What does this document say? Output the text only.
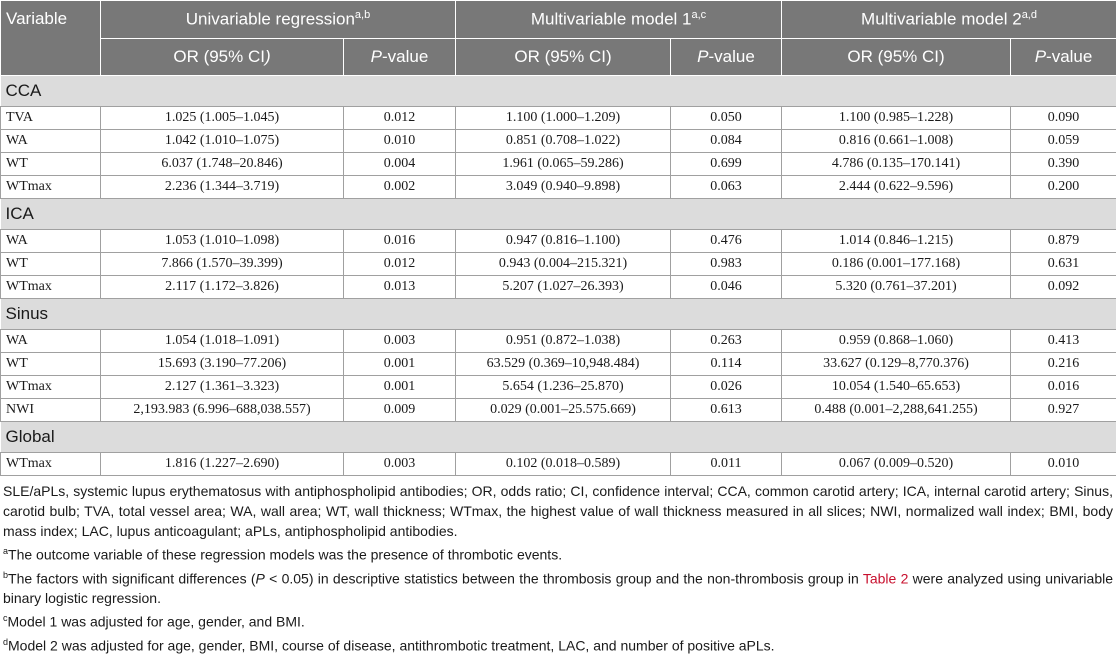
Variable	Univariable regression$^{a,b}$		Multivariable model 1$^{a,c}$		Multivariable model 2$^{a,d}$
	OR (95% CI)	P-value	OR (95% CI)	P-value	OR (95% CI)	P-value
CCA						
TVA	1.025 (1.005–1.045)	0.012	1.100 (1.000–1.209)	0.050	1.100 (0.985–1.228)	0.090
WA	1.042 (1.010–1.075)	0.010	0.851 (0.708–1.022)	0.084	0.816 (0.661–1.008)	0.059
WT	6.037 (1.748–20.846)	0.004	1.961 (0.065–59.286)	0.699	4.786 (0.135–170.141)	0.390
WTmax	2.236 (1.344–3.719)	0.002	3.049 (0.940–9.898)	0.063	2.444 (0.622–9.596)	0.200
ICA						
WA	1.053 (1.010–1.098)	0.016	0.947 (0.816–1.100)	0.476	1.014 (0.846–1.215)	0.879
WT	7.866 (1.570–39.399)	0.012	0.943 (0.004–215.321)	0.983	0.186 (0.001–177.168)	0.631
WTmax	2.117 (1.172–3.826)	0.013	5.207 (1.027–26.393)	0.046	5.320 (0.761–37.201)	0.092
Sinus						
WA	1.054 (1.018–1.091)	0.003	0.951 (0.872–1.038)	0.263	0.959 (0.868–1.060)	0.413
WT	15.693 (3.190–77.206)	0.001	63.529 (0.369–10,948.484)	0.114	33.627 (0.129–8,770.376)	0.216
WTmax	2.127 (1.361–3.323)	0.001	5.654 (1.236–25.870)	0.026	10.054 (1.540–65.653)	0.016
NWI	2,193.983 (6.996–688,038.557)	0.009	0.029 (0.001–25.575.669)	0.613	0.488 (0.001–2,288,641.255)	0.927
Global						
WTmax	1.816 (1.227–2.690)	0.003	0.102 (0.018–0.589)	0.011	0.067 (0.009–0.520)	0.010

SLE/aPLs, systemic lupus erythematosus with antiphospholipid antibodies; OR, odds ratio; CI, confidence interval; CCA, common carotid artery; ICA, internal carotid artery; Sinus, carotid bulb; TVA, total vessel area; WA, wall area; WT, wall thickness; WTmax, the highest value of wall thickness measured in all slices; NWI, normalized wall index; BMI, body mass index; LAC, lupus anticoagulant; aPLs, antiphospholipid antibodies.

$^a$The outcome variable of these regression models was the presence of thrombotic events.

$^b$The factors with significant differences (P < 0.05) in descriptive statistics between the thrombosis group and the non-thrombosis group in Table 2 were analyzed using univariable binary logistic regression.

$^c$Model 1 was adjusted for age, gender, and BMI.

$^d$Model 2 was adjusted for age, gender, BMI, course of disease, antithrombotic treatment, LAC, and number of positive aPLs.
